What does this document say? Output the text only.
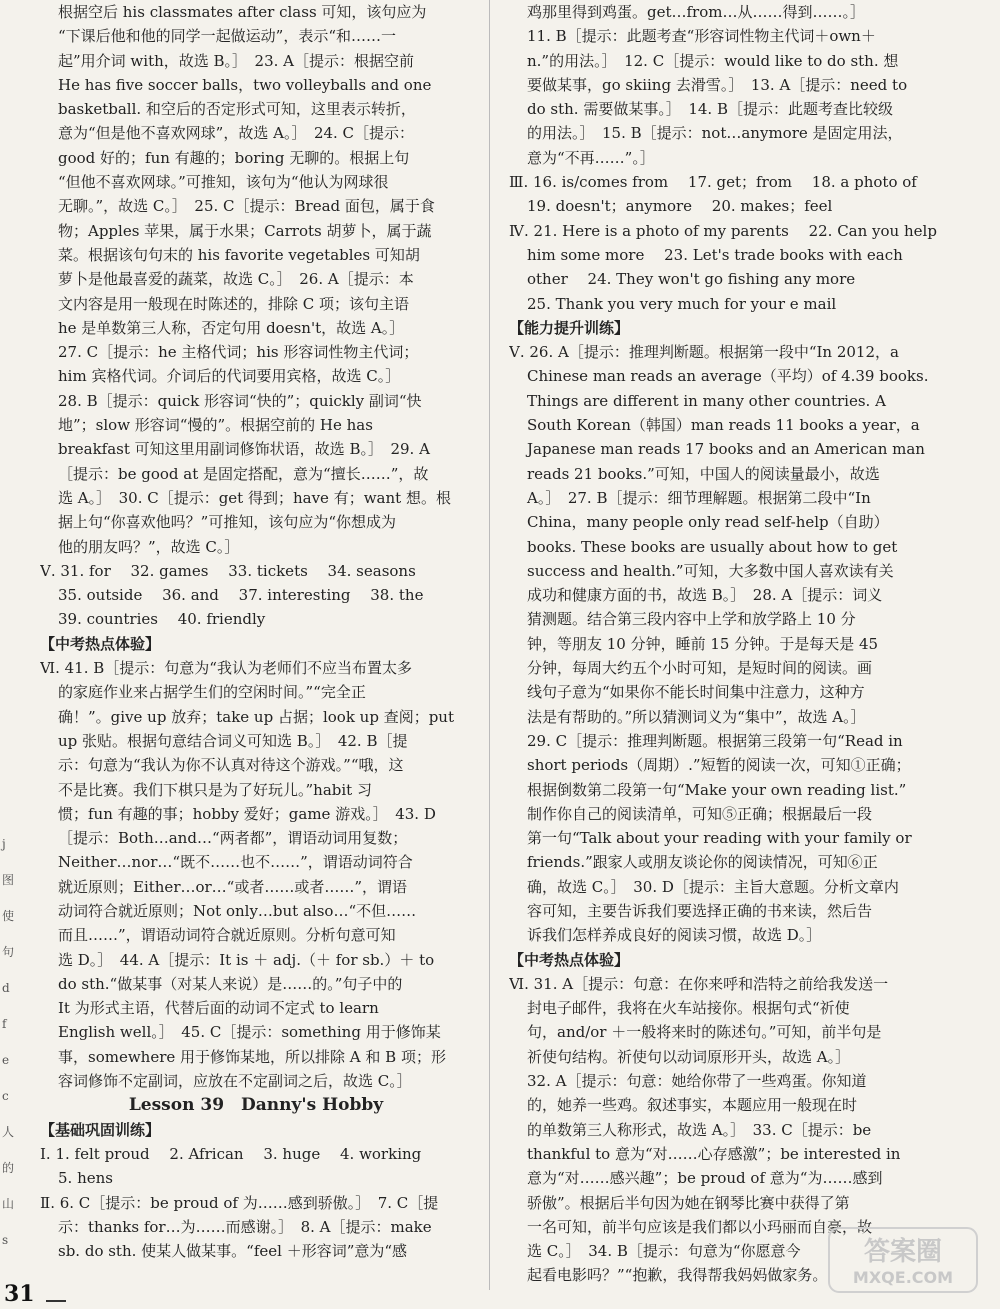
根据空后 his classmates after class 可知，该句应为
“下课后他和他的同学一起做运动”，表示“和……一
起”用介词 with，故选 B。］　23. A［提示：根据空前
He has five soccer balls，two volleyballs and one
basketball. 和空后的否定形式可知，这里表示转折，
意为“但是他不喜欢网球”，故选 A。］　24. C［提示：
good 好的；fun 有趣的；boring 无聊的。根据上句
“但他不喜欢网球。”可推知，该句为“他认为网球很
无聊。”，故选 C。］　25. C［提示：Bread 面包，属于食
物；Apples 苹果，属于水果；Carrots 胡萝卜，属于蔬
菜。根据该句句末的 his favorite vegetables 可知胡
萝卜是他最喜爱的蔬菜，故选 C。］　26. A［提示：本
文内容是用一般现在时陈述的，排除 C 项；该句主语
he 是单数第三人称，否定句用 doesn't，故选 A。］
27. C［提示：he 主格代词；his 形容词性物主代词；
him 宾格代词。介词后的代词要用宾格，故选 C。］
28. B［提示：quick 形容词“快的”；quickly 副词“快
地”；slow 形容词“慢的”。根据空前的 He has
breakfast 可知这里用副词修饰状语，故选 B。］　29. A
［提示：be good at 是固定搭配，意为“擅长……”，故
选 A。］　30. C［提示：get 得到；have 有；want 想。根
据上句“你喜欢他吗？”可推知，该句应为“你想成为
他的朋友吗？”，故选 C。］
Ⅴ. 31. for　 32. games　 33. tickets　 34. seasons
35. outside　 36. and　 37. interesting　 38. the
39. countries　 40. friendly
【中考热点体验】
Ⅵ. 41. B［提示：句意为“我认为老师们不应当布置太多
的家庭作业来占据学生们的空闲时间。”“完全正
确！”。give up 放弃；take up 占据；look up 查阅；put
up 张贴。根据句意结合词义可知选 B。］　42. B［提
示：句意为“我认为你不认真对待这个游戏。”“哦，这
不是比赛。我们下棋只是为了好玩儿。”habit 习
惯；fun 有趣的事；hobby 爱好；game 游戏。］　43. D
［提示：Both…and…“两者都”，谓语动词用复数；
Neither…nor…“既不……也不……”，谓语动词符合
就近原则；Either…or…“或者……或者……”，谓语
动词符合就近原则；Not only…but also…“不但……
而且……”，谓语动词符合就近原则。分析句意可知
选 D。］　44. A［提示：It is ＋ adj.（＋ for sb.）＋ to
do sth.“做某事（对某人来说）是……的。”句子中的
It 为形式主语，代替后面的动词不定式 to learn
English well。］　45. C［提示：something 用于修饰某
事，somewhere 用于修饰某地，所以排除 A 和 B 项；形
容词修饰不定副词，应放在不定副词之后，故选 C。］
Lesson 39　Danny's Hobby
【基础巩固训练】
Ⅰ. 1. felt proud　 2. African　 3. huge　 4. working
5. hens
Ⅱ. 6. C［提示：be proud of 为……感到骄傲。］　7. C［提
示：thanks for…为……而感谢。］　8. A［提示：make
sb. do sth. 使某人做某事。“feel ＋形容词”意为“感
鸡那里得到鸡蛋。get…from…从……得到……。］
11. B［提示：此题考查“形容词性物主代词＋own＋
n.”的用法。］　12. C［提示：would like to do sth. 想
要做某事，go skiing 去滑雪。］　13. A［提示：need to
do sth. 需要做某事。］　14. B［提示：此题考查比较级
的用法。］　15. B［提示：not…anymore 是固定用法，
意为“不再……”。］
Ⅲ. 16. is/comes from　 17. get；from　 18. a photo of
19. doesn't；anymore　 20. makes；feel
Ⅳ. 21. Here is a photo of my parents　 22. Can you help
him some more　 23. Let's trade books with each
other　 24. They won't go fishing any more
25. Thank you very much for your e mail
【能力提升训练】
Ⅴ. 26. A［提示：推理判断题。根据第一段中“In 2012，a
Chinese man reads an average（平均）of 4.39 books.
Things are different in many other countries. A
South Korean（韩国）man reads 11 books a year，a
Japanese man reads 17 books and an American man
reads 21 books.”可知，中国人的阅读量最小，故选
A。］　27. B［提示：细节理解题。根据第二段中“In
China，many people only read self-help（自助）
books. These books are usually about how to get
success and health.”可知，大多数中国人喜欢读有关
成功和健康方面的书，故选 B。］　28. A［提示：词义
猜测题。结合第三段内容中上学和放学路上 10 分
钟，等朋友 10 分钟，睡前 15 分钟。于是每天是 45
分钟，每周大约五个小时可知，是短时间的阅读。画
线句子意为“如果你不能长时间集中注意力，这种方
法是有帮助的。”所以猜测词义为“集中”，故选 A。］
29. C［提示：推理判断题。根据第三段第一句“Read in
short periods（周期）.”短暂的阅读一次，可知①正确；
根据倒数第二段第一句“Make your own reading list.”
制作你自己的阅读清单，可知⑤正确；根据最后一段
第一句“Talk about your reading with your family or
friends.”跟家人或朋友谈论你的阅读情况，可知⑥正
确，故选 C。］　30. D［提示：主旨大意题。分析文章内
容可知，主要告诉我们要选择正确的书来读，然后告
诉我们怎样养成良好的阅读习惯，故选 D。］
【中考热点体验】
Ⅵ. 31. A［提示：句意：在你来呼和浩特之前给我发送一
封电子邮件，我将在火车站接你。根据句式“祈使
句，and/or ＋一般将来时的陈述句。”可知，前半句是
祈使句结构。祈使句以动词原形开头，故选 A。］
32. A［提示：句意：她给你带了一些鸡蛋。你知道
的，她养一些鸡。叙述事实，本题应用一般现在时
的单数第三人称形式，故选 A。］　33. C［提示：be
thankful to 意为“对……心存感激”；be interested in
意为“对……感兴趣”；be proud of 意为“为……感到
骄傲”。根据后半句因为她在钢琴比赛中获得了第
一名可知，前半句应该是我们都以小玛丽而自豪，故
选 C。］　34. B［提示：句意为“你愿意今
起看电影吗？”“抱歉，我得帮我妈妈做家务。
j
图
使
句
d
f
e
c
人
的
山
s
31
答案圈
MXQE.COM
